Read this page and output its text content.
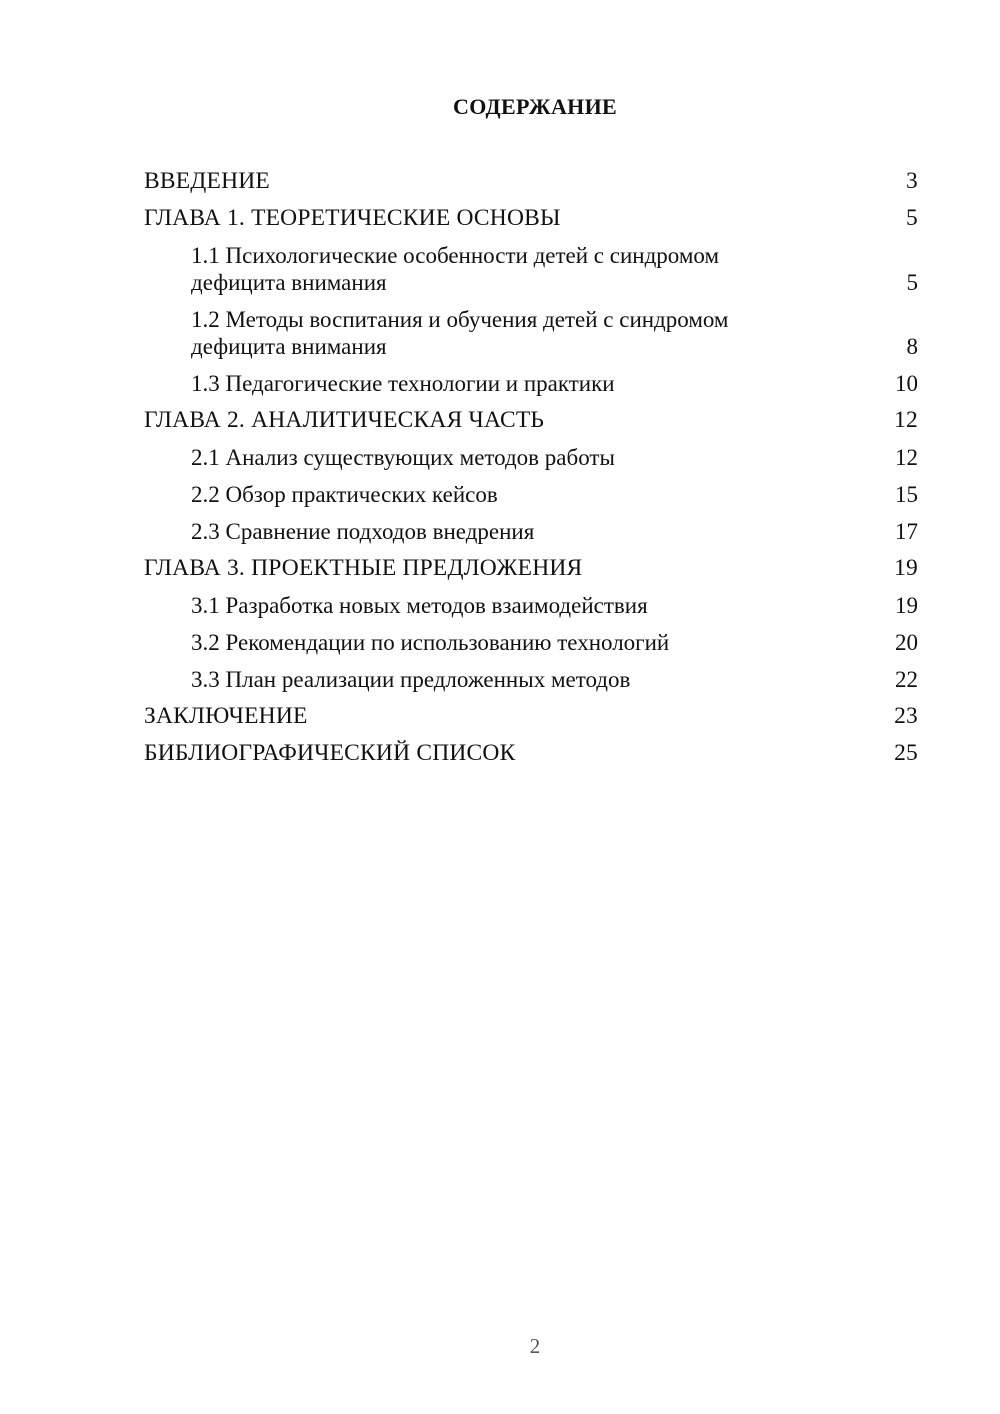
СОДЕРЖАНИЕ
ВВЕДЕНИЕ	3
ГЛАВА 1. ТЕОРЕТИЧЕСКИЕ ОСНОВЫ	5
1.1 Психологические особенности детей с синдромом дефицита внимания	5
1.2 Методы воспитания и обучения детей с синдромом дефицита внимания	8
1.3 Педагогические технологии и практики	10
ГЛАВА 2. АНАЛИТИЧЕСКАЯ ЧАСТЬ	12
2.1 Анализ существующих методов работы	12
2.2 Обзор практических кейсов	15
2.3 Сравнение подходов внедрения	17
ГЛАВА 3. ПРОЕКТНЫЕ ПРЕДЛОЖЕНИЯ	19
3.1 Разработка новых методов взаимодействия	19
3.2 Рекомендации по использованию технологий	20
3.3 План реализации предложенных методов	22
ЗАКЛЮЧЕНИЕ	23
БИБЛИОГРАФИЧЕСКИЙ СПИСОК	25
2
